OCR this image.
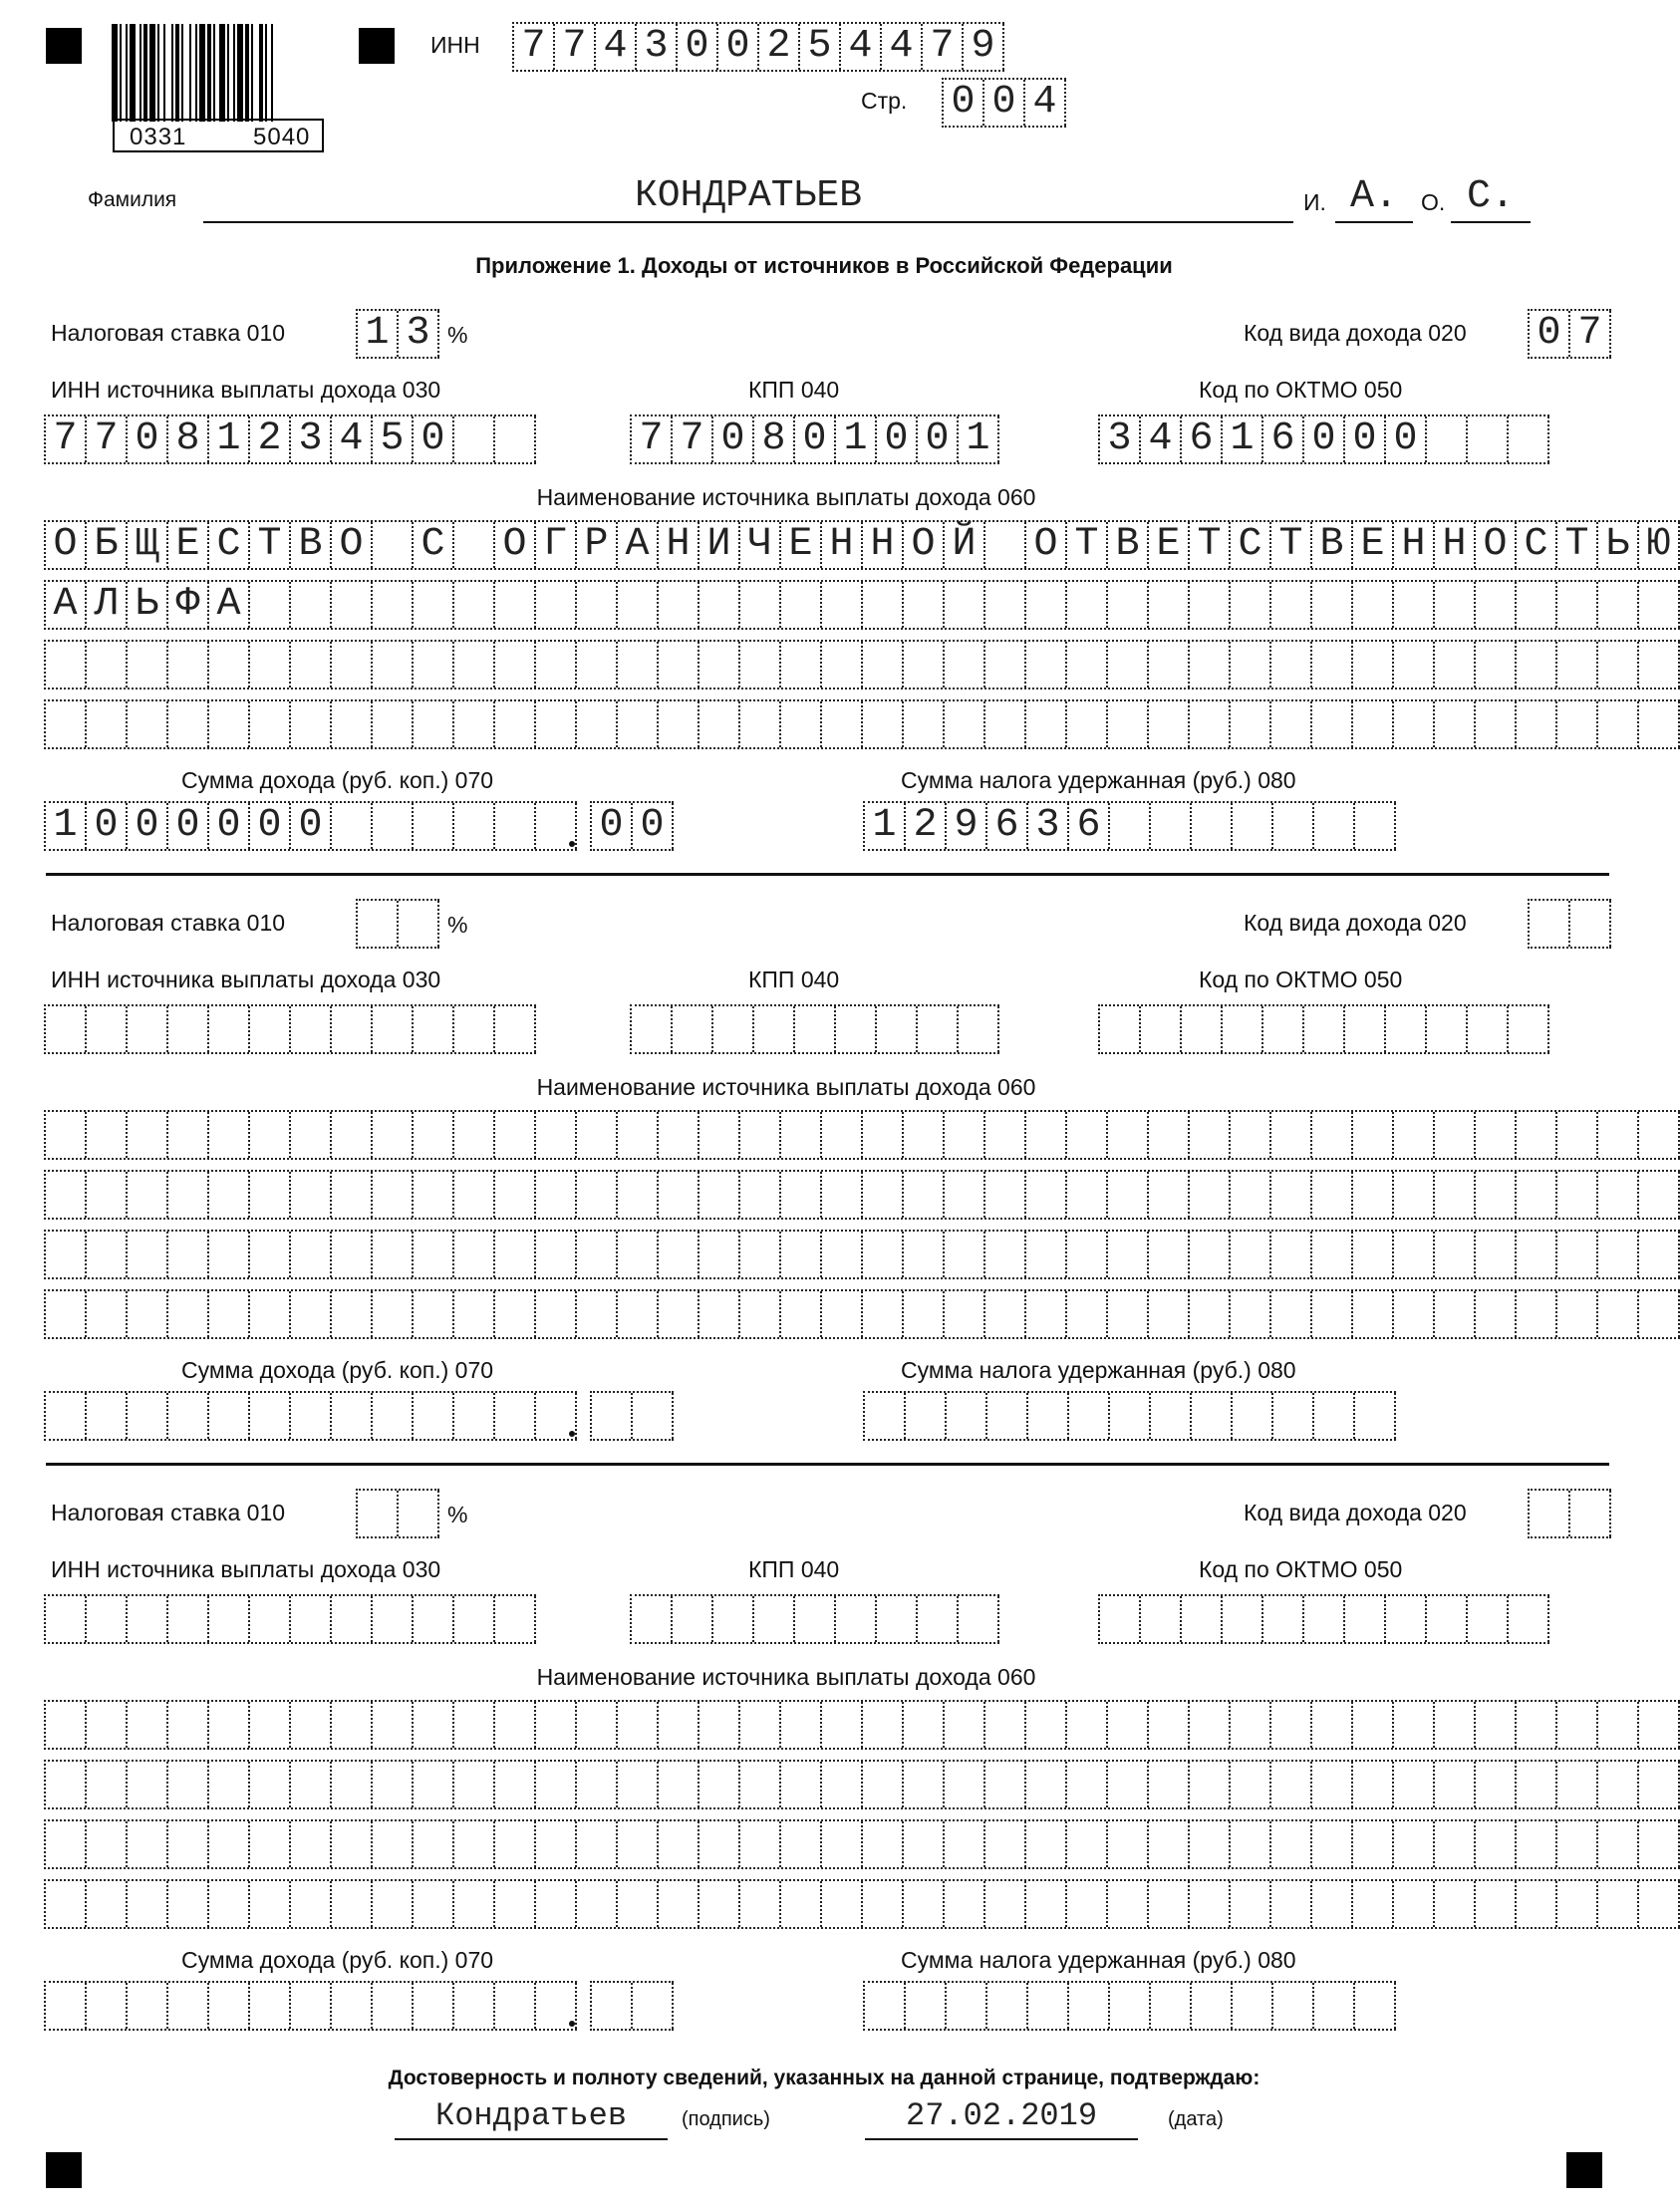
0331	5040
ИНН 7 7 4 3 0 0 2 5 4 4 7 9
Стр. 0 0 4
Фамилия	КОНДРАТЬЕВ	И. А.	О. С.
Приложение 1. Доходы от источников в Российской Федерации
Налоговая ставка 010 1 3 %	Код вида дохода 020 0 7
ИНН источника выплаты дохода 030	КПП 040	Код по ОКТМО 050
7 7 0 8 1 2 3 4 5 0	7 7 0 8 0 1 0 0 1	3 4 6 1 6 0 0 0
Наименование источника выплаты дохода 060
О Б Щ Е С Т В О С О Г Р А Н И Ч Е Н Н О Й О Т В Е Т С Т В Е Н Н О С Т Ь Ю
А Л Ь Ф А
Сумма дохода (руб. коп.) 070	Сумма налога удержанная (руб.) 080
1 0 0 0 0 0 0	0 0	1 2 9 6 3 6
Налоговая ставка 010	%	Код вида дохода 020
ИНН источника выплаты дохода 030	КПП 040	Код по ОКТМО 050
Наименование источника выплаты дохода 060
Сумма дохода (руб. коп.) 070	Сумма налога удержанная (руб.) 080
Налоговая ставка 010	%	Код вида дохода 020
ИНН источника выплаты дохода 030	КПП 040	Код по ОКТМО 050
Наименование источника выплаты дохода 060
Сумма дохода (руб. коп.) 070	Сумма налога удержанная (руб.) 080
Достоверность и полноту сведений, указанных на данной странице, подтверждаю:
Кондратьев	(подпись)	27.02.2019	(дата)
